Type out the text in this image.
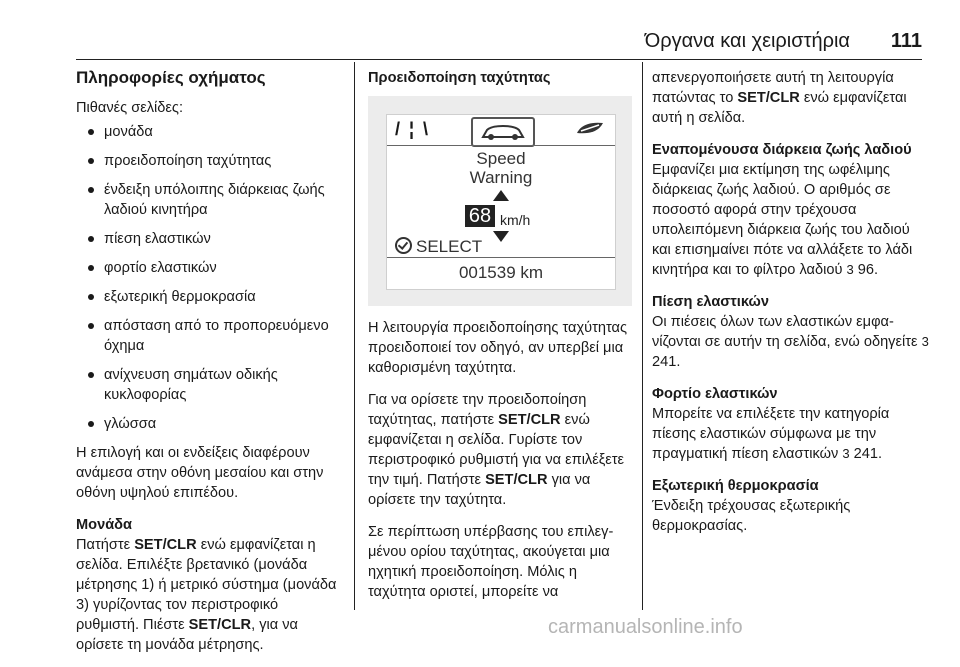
Όργανα και χειριστήρια 111
Πληροφορίες οχήματος

Πιθανές σελίδες:

μονάδα
προειδοποίηση ταχύτητας
ένδειξη υπόλοιπης διάρκειας ζωής λαδιού κινητήρα
πίεση ελαστικών
φορτίο ελαστικών
εξωτερική θερμοκρασία
απόσταση από το προπορευόμενο όχημα
ανίχνευση σημάτων οδικής κυκλοφορίας
γλώσσα

Η επιλογή και οι ενδείξεις διαφέρουν ανάμεσα στην οθόνη μεσαίου και στην οθόνη υψηλού επιπέδου.

Μονάδα

Πατήστε SET/CLR ενώ εμφανίζεται η σελίδα. Επιλέξτε βρετανικό (μονάδα μέτρησης 1) ή μετρικό σύστημα (μονάδα 3) γυρίζοντας τον περιστροφικό ρυθμιστή. Πιέστε SET/CLR, για να ορίσετε τη μονάδα μέτρησης.

Προειδοποίηση ταχύτητας

/ ¦ \
Speed
Warning
68 km/h
SELECT
001539 km

Η λειτουργία προειδοποίησης ταχύτητας προειδοποιεί τον οδηγό, αν υπερβεί μια καθορισμένη ταχύτητα.

Για να ορίσετε την προειδοποίηση ταχύτητας, πατήστε SET/CLR ενώ εμφανίζεται η σελίδα. Γυρίστε τον περιστροφικό ρυθμιστή για να επιλέξετε την τιμή. Πατήστε SET/CLR για να ορίσετε την ταχύτητα.

Σε περίπτωση υπέρβασης του επιλεγμένου ορίου ταχύτητας, ακούγεται μια ηχητική προειδοποίηση. Μόλις η ταχύτητα οριστεί, μπορείτε να

απενεργοποιήσετε αυτή τη λειτουργία πατώντας το SET/CLR ενώ εμφανίζεται αυτή η σελίδα.

Εναπομένουσα διάρκεια ζωής λαδιού

Εμφανίζει μια εκτίμηση της ωφέλιμης διάρκειας ζωής λαδιού. Ο αριθμός σε ποσοστό αφορά στην τρέχουσα υπολειπόμενη διάρκεια ζωής του λαδιού και επισημαίνει πότε να αλλάξετε το λάδι κινητήρα και το φίλτρο λαδιού 3 96.

Πίεση ελαστικών

Οι πιέσεις όλων των ελαστικών εμφανίζονται σε αυτήν τη σελίδα, ενώ οδηγείτε 3 241.

Φορτίο ελαστικών

Μπορείτε να επιλέξετε την κατηγορία πίεσης ελαστικών σύμφωνα με την πραγματική πίεση ελαστικών 3 241.

Εξωτερική θερμοκρασία

Ένδειξη τρέχουσας εξωτερικής θερμοκρασίας.

carmanualsonline.info
